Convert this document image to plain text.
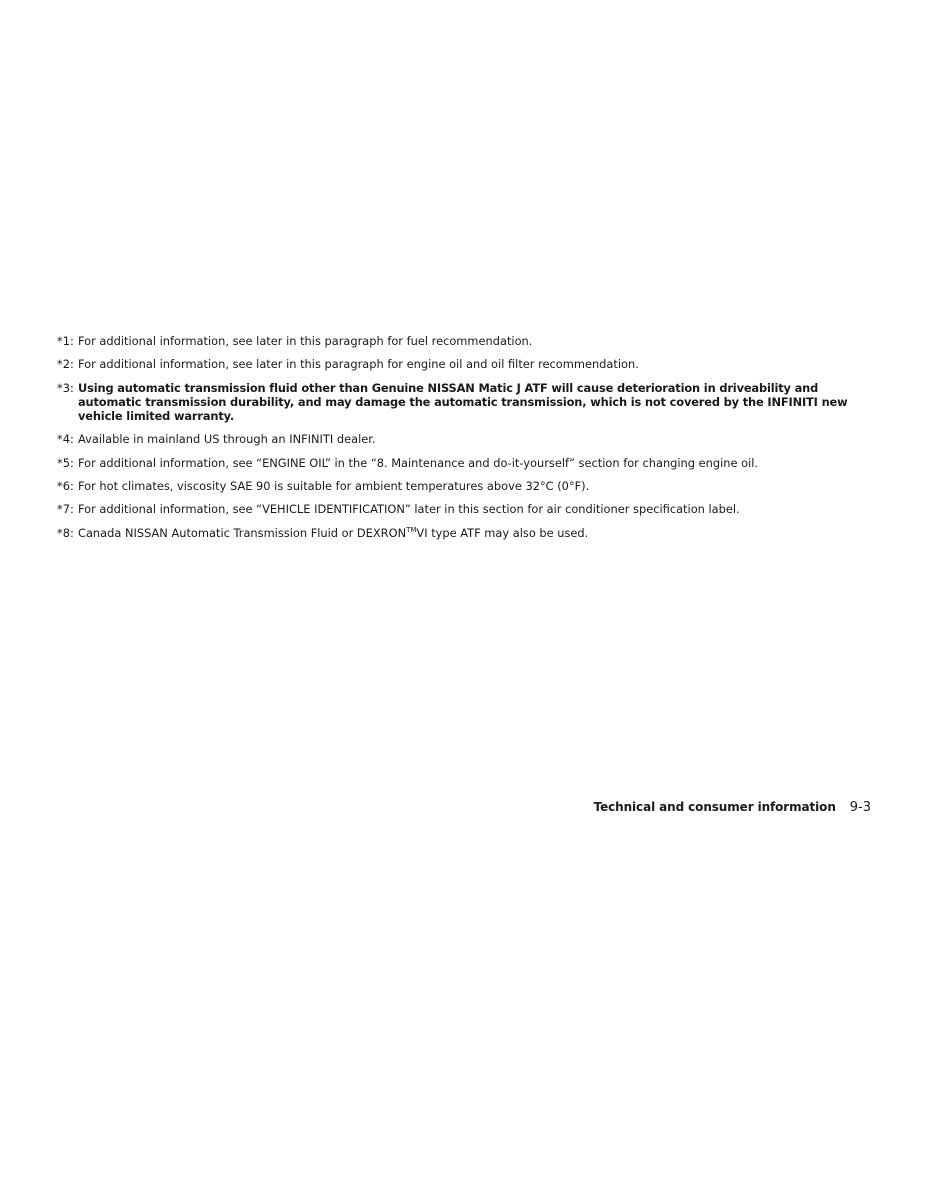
*1: For additional information, see later in this paragraph for fuel recommendation.
*2: For additional information, see later in this paragraph for engine oil and oil filter recommendation.
*3: Using automatic transmission fluid other than Genuine NISSAN Matic J ATF will cause deterioration in driveability and automatic transmission durability, and may damage the automatic transmission, which is not covered by the INFINITI new vehicle limited warranty.
*4: Available in mainland US through an INFINITI dealer.
*5: For additional information, see “ENGINE OIL” in the “8. Maintenance and do-it-yourself” section for changing engine oil.
*6: For hot climates, viscosity SAE 90 is suitable for ambient temperatures above 32°C (0°F).
*7: For additional information, see “VEHICLE IDENTIFICATION” later in this section for air conditioner specification label.
*8: Canada NISSAN Automatic Transmission Fluid or DEXRON™VI type ATF may also be used.
Technical and consumer information 9-3
